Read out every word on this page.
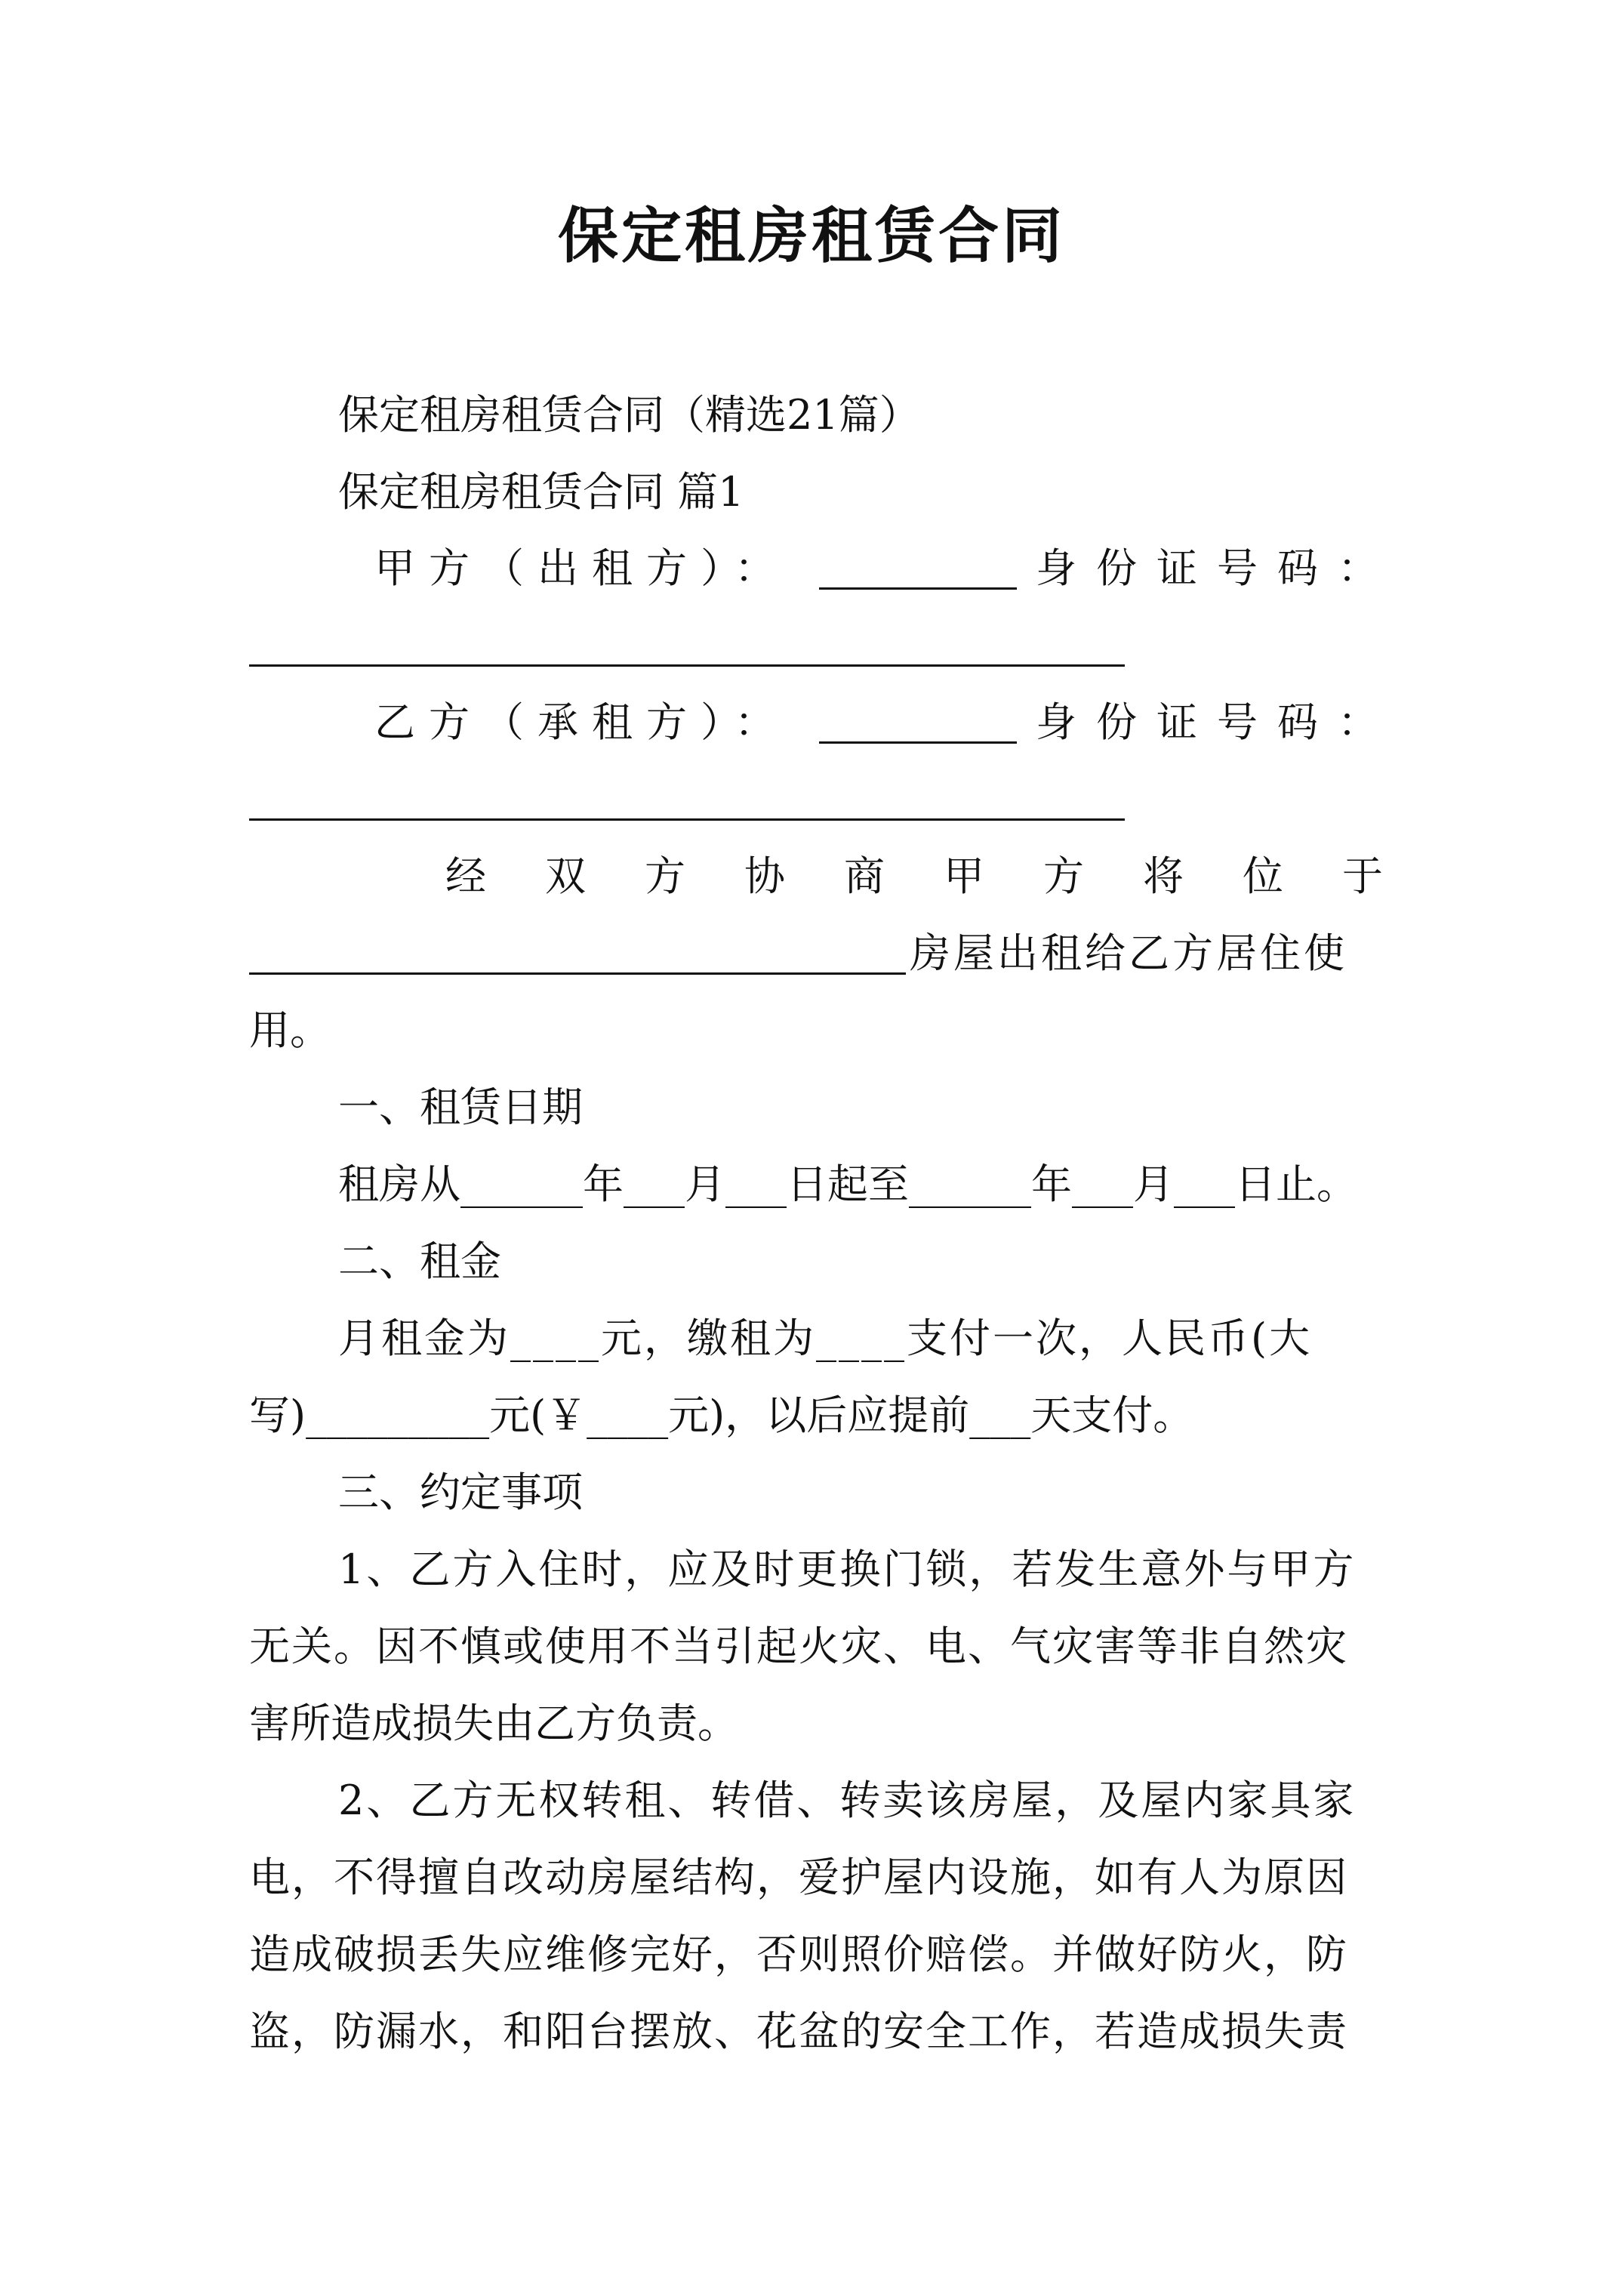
保定租房租赁合同
保定租房租赁合同（精选21篇）
保定租房租赁合同 篇1
甲方（出租方）：	身份证号码：
乙方（承租方）：	身份证号码：
经双方协商甲方将位于
房屋出租给乙方居住使
用。
一、租赁日期
租房从______年___月___日起至______年___月___日止。
二、租金
月租金为____元，缴租为____支付一次，人民币(大
写)_________元(￥____元)，以后应提前___天支付。
三、约定事项
1、乙方入住时，应及时更换门锁，若发生意外与甲方
无关。因不慎或使用不当引起火灾、电、气灾害等非自然灾
害所造成损失由乙方负责。
2、乙方无权转租、转借、转卖该房屋，及屋内家具家
电，不得擅自改动房屋结构，爱护屋内设施，如有人为原因
造成破损丢失应维修完好，否则照价赔偿。并做好防火，防
盗，防漏水，和阳台摆放、花盆的安全工作，若造成损失责
